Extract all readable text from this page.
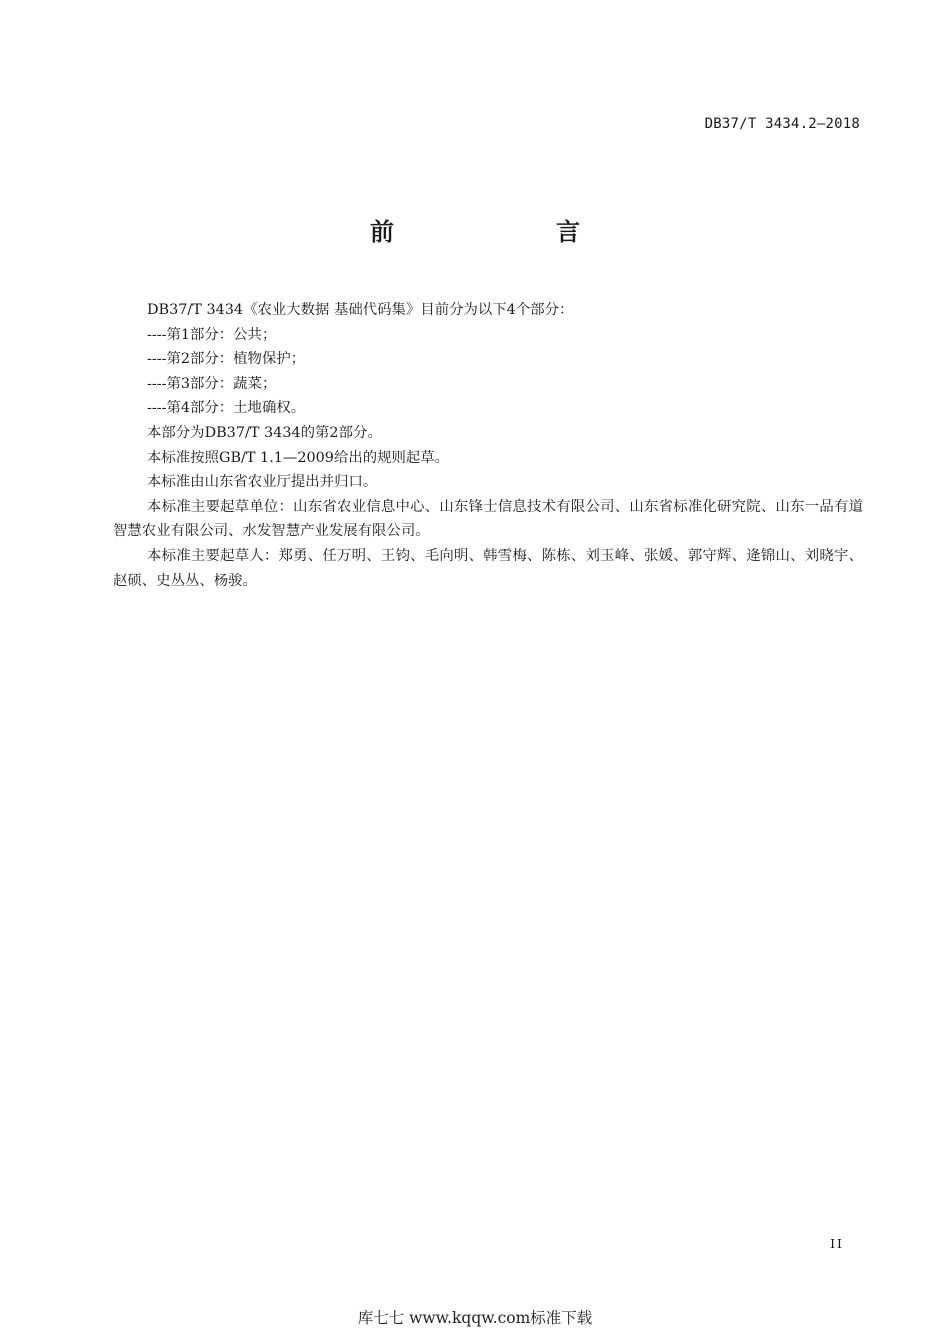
DB37/T 3434.2—2018
前　　言

DB37/T 3434《农业大数据 基础代码集》目前分为以下4个部分：

----第1部分：公共；

----第2部分：植物保护；

----第3部分：蔬菜；

----第4部分：土地确权。

本部分为DB37/T 3434的第2部分。

本标准按照GB/T 1.1—2009给出的规则起草。

本标准由山东省农业厅提出并归口。

本标准主要起草单位：山东省农业信息中心、山东锋士信息技术有限公司、山东省标准化研究院、山东一品有道智慧农业有限公司、水发智慧产业发展有限公司。

本标准主要起草人：郑勇、任万明、王钧、毛向明、韩雪梅、陈栋、刘玉峰、张媛、郭守辉、逄锦山、刘晓宇、赵硕、史丛丛、杨骏。

II
库七七 www.kqqw.com标准下载
